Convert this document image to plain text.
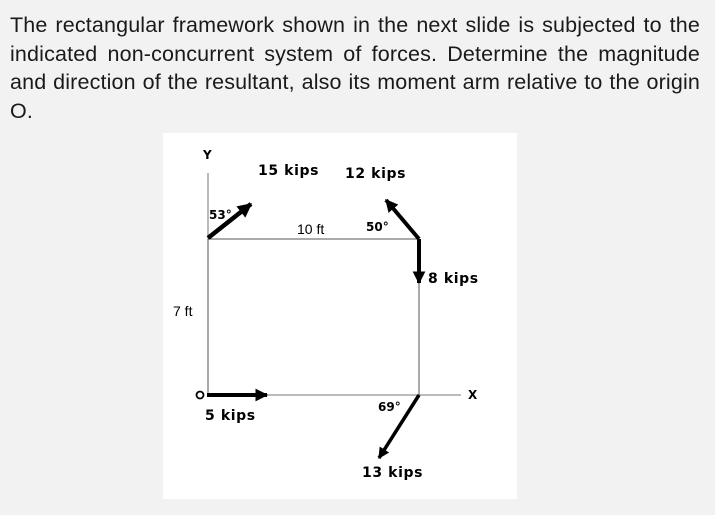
The rectangular framework shown in the next slide is subjected to the indicated non-concurrent system of forces. Determine the magnitude and direction of the resultant, also its moment arm relative to the origin O.

Y
X
15 kips 12 kips
8 kips
5 kips
13 kips
53°
50°
69°
10 ft
7 ft
